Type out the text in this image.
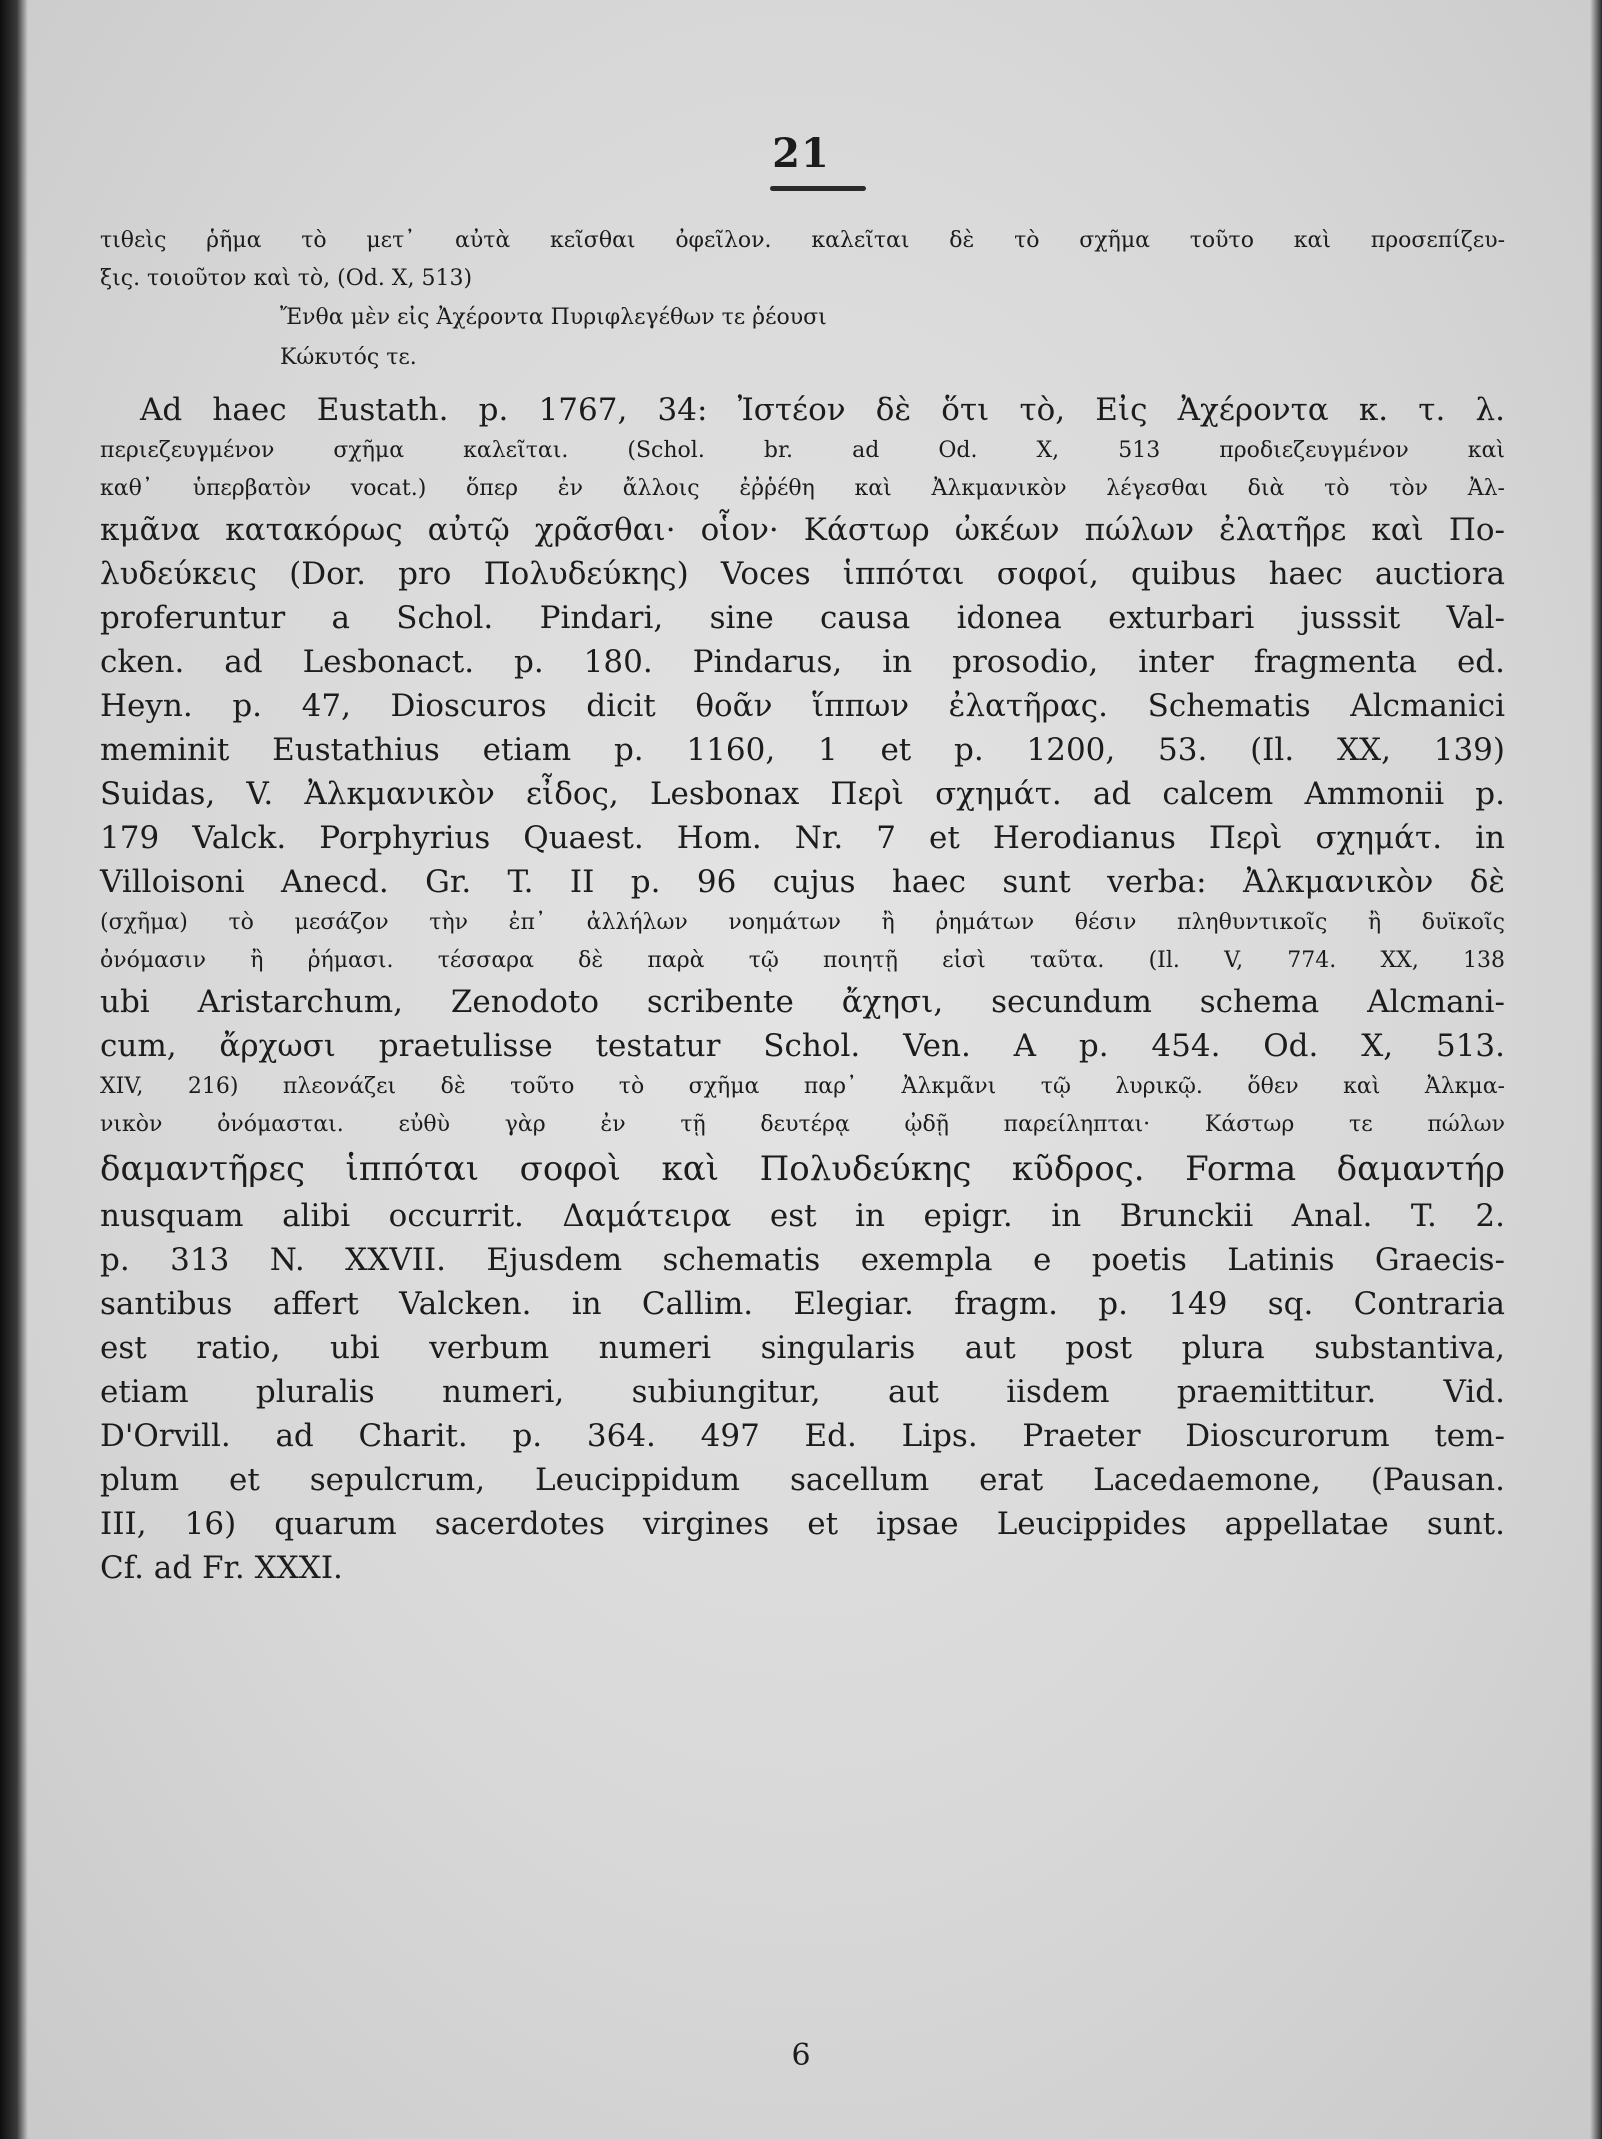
21
τιθεὶς ῥῆμα τὸ μετ᾽ αὐτὰ κεῖσθαι ὀφεῖλον. καλεῖται δὲ τὸ σχῆμα τοῦτο καὶ προσεπίζευ-
ξις. τοιοῦτον καὶ τὸ, (Od. X, 513)
Ἔνθα μὲν εἰς Ἀχέροντα Πυριφλεγέθων τε ῥέουσι
Κώκυτός τε.
Ad haec Eustath. p. 1767, 34: Ἰστέον δὲ ὅτι τὸ, Εἰς Ἀχέροντα κ. τ. λ.
περιεζευγμένον σχῆμα καλεῖται. (Schol. br. ad Od. X, 513 προδιεζευγμένον καὶ
καθ᾽ ὑπερβατὸν vocat.) ὅπερ ἐν ἄλλοις ἐῤῥέθη καὶ Ἀλκμανικὸν λέγεσθαι διὰ τὸ τὸν Ἀλ-
κμᾶνα κατακόρως αὐτῷ χρᾶσθαι· οἷον· Κάστωρ ὠκέων πώλων ἐλατῆρε καὶ Πο-
λυδεύκεις (Dor. pro Πολυδεύκης) Voces ἱππόται σοφοί, quibus haec auctiora
proferuntur a Schol. Pindari, sine causa idonea exturbari jusssit Val-
cken. ad Lesbonact. p. 180. Pindarus, in prosodio, inter fragmenta ed.
Heyn. p. 47, Dioscuros dicit θοᾶν ἵππων ἐλατῆρας. Schematis Alcmanici
meminit Eustathius etiam p. 1160, 1 et p. 1200, 53. (Il. XX, 139)
Suidas, V. Ἀλκμανικὸν εἶδος, Lesbonax Περὶ σχημάτ. ad calcem Ammonii p.
179 Valck. Porphyrius Quaest. Hom. Nr. 7 et Herodianus Περὶ σχημάτ. in
Villoisoni Anecd. Gr. T. II p. 96 cujus haec sunt verba: Ἀλκμανικὸν δὲ
(σχῆμα) τὸ μεσάζον τὴν ἐπ᾽ ἀλλήλων νοημάτων ἢ ῥημάτων θέσιν πληθυντικοῖς ἢ δυϊκοῖς
ὀνόμασιν ἢ ῥήμασι. τέσσαρα δὲ παρὰ τῷ ποιητῇ εἰσὶ ταῦτα. (Il. V, 774. XX, 138
ubi Aristarchum, Zenodoto scribente ἄχησι, secundum schema Alcmani-
cum, ἄρχωσι praetulisse testatur Schol. Ven. A p. 454. Od. X, 513.
XIV, 216) πλεονάζει δὲ τοῦτο τὸ σχῆμα παρ᾽ Ἀλκμᾶνι τῷ λυρικῷ. ὅθεν καὶ Ἀλκμα-
νικὸν ὀνόμασται. εὐθὺ γὰρ ἐν τῇ δευτέρᾳ ᾠδῇ παρείληπται· Κάστωρ τε πώλων
δαμαντῆρες ἱππόται σοφοὶ καὶ Πολυδεύκης κῦδρος. Forma δαμαντήρ
nusquam alibi occurrit. Δαμάτειρα est in epigr. in Brunckii Anal. T. 2.
p. 313 N. XXVII. Ejusdem schematis exempla e poetis Latinis Graecis-
santibus affert Valcken. in Callim. Elegiar. fragm. p. 149 sq. Contraria
est ratio, ubi verbum numeri singularis aut post plura substantiva,
etiam pluralis numeri, subiungitur, aut iisdem praemittitur. Vid.
D'Orvill. ad Charit. p. 364. 497 Ed. Lips. Praeter Dioscurorum tem-
plum et sepulcrum, Leucippidum sacellum erat Lacedaemone, (Pausan.
III, 16) quarum sacerdotes virgines et ipsae Leucippides appellatae sunt.
Cf. ad Fr. XXXI.
6
